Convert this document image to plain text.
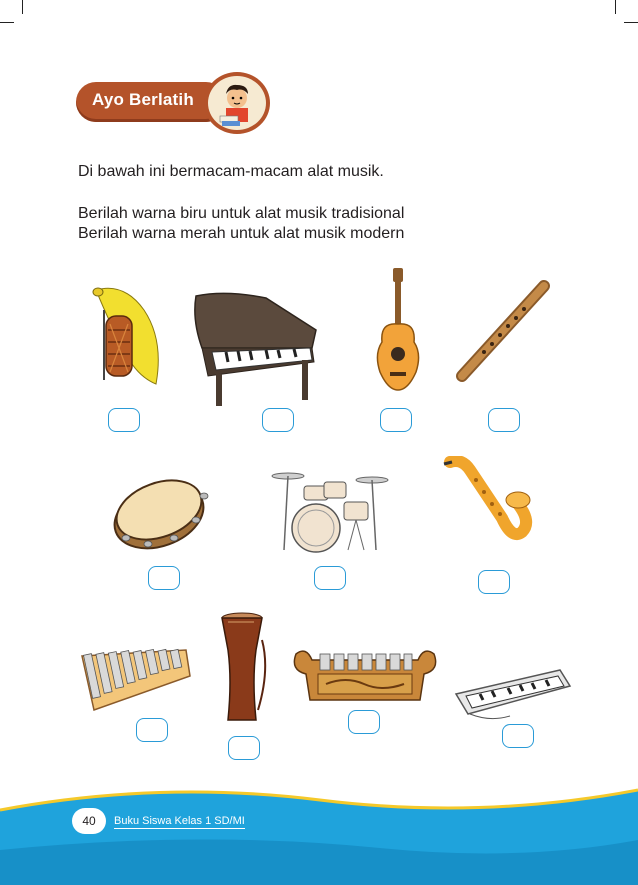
Ayo Berlatih
Di bawah ini bermacam-macam alat musik.
Berilah warna biru untuk alat musik tradisional
Berilah warna merah untuk alat musik modern
40	Buku Siswa Kelas 1 SD/MI
